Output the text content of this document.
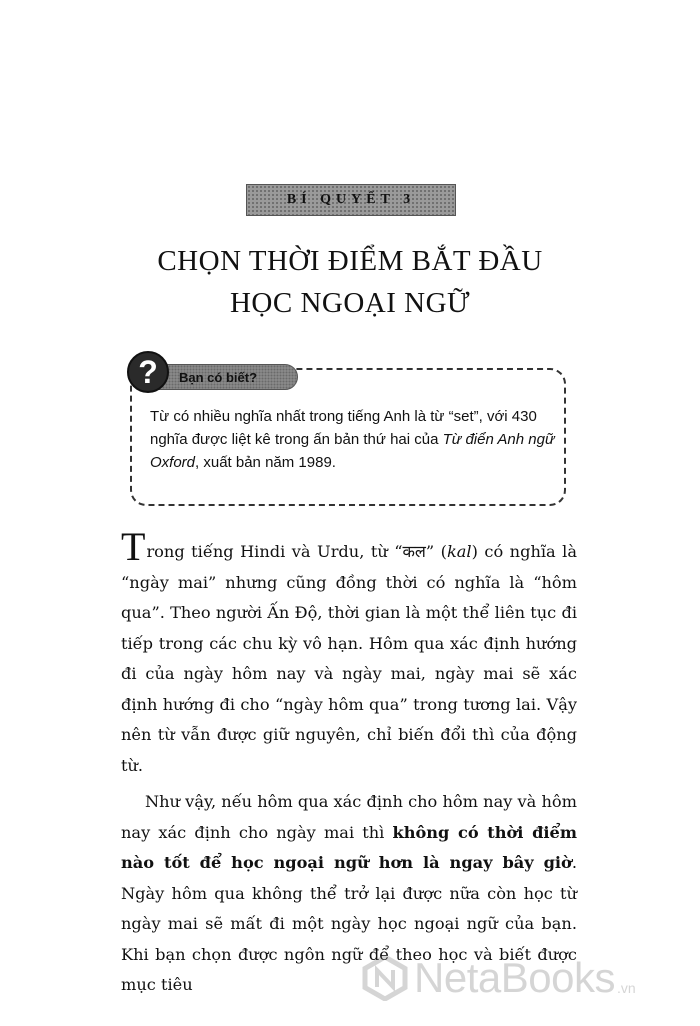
BÍ QUYẾT 3
CHỌN THỜI ĐIỂM BẮT ĐẦU
HỌC NGOẠI NGỮ
Bạn có biết?
?

Từ có nhiều nghĩa nhất trong tiếng Anh là từ “set”, với 430 nghĩa được liệt kê trong ấn bản thứ hai của Từ điển Anh ngữ Oxford, xuất bản năm 1989.

Trong tiếng Hindi và Urdu, từ “कल” (kal) có nghĩa là “ngày mai” nhưng cũng đồng thời có nghĩa là “hôm qua”. Theo người Ấn Độ, thời gian là một thể liên tục đi tiếp trong các chu kỳ vô hạn. Hôm qua xác định hướng đi của ngày hôm nay và ngày mai, ngày mai sẽ xác định hướng đi cho “ngày hôm qua” trong tương lai. Vậy nên từ vẫn được giữ nguyên, chỉ biến đổi thì của động từ.

Như vậy, nếu hôm qua xác định cho hôm nay và hôm nay xác định cho ngày mai thì không có thời điểm nào tốt để học ngoại ngữ hơn là ngay bây giờ. Ngày hôm qua không thể trở lại được nữa còn học từ ngày mai sẽ mất đi một ngày học ngoại ngữ của bạn. Khi bạn chọn được ngôn ngữ để theo học và biết được mục tiêu	NetaBooks .vn
